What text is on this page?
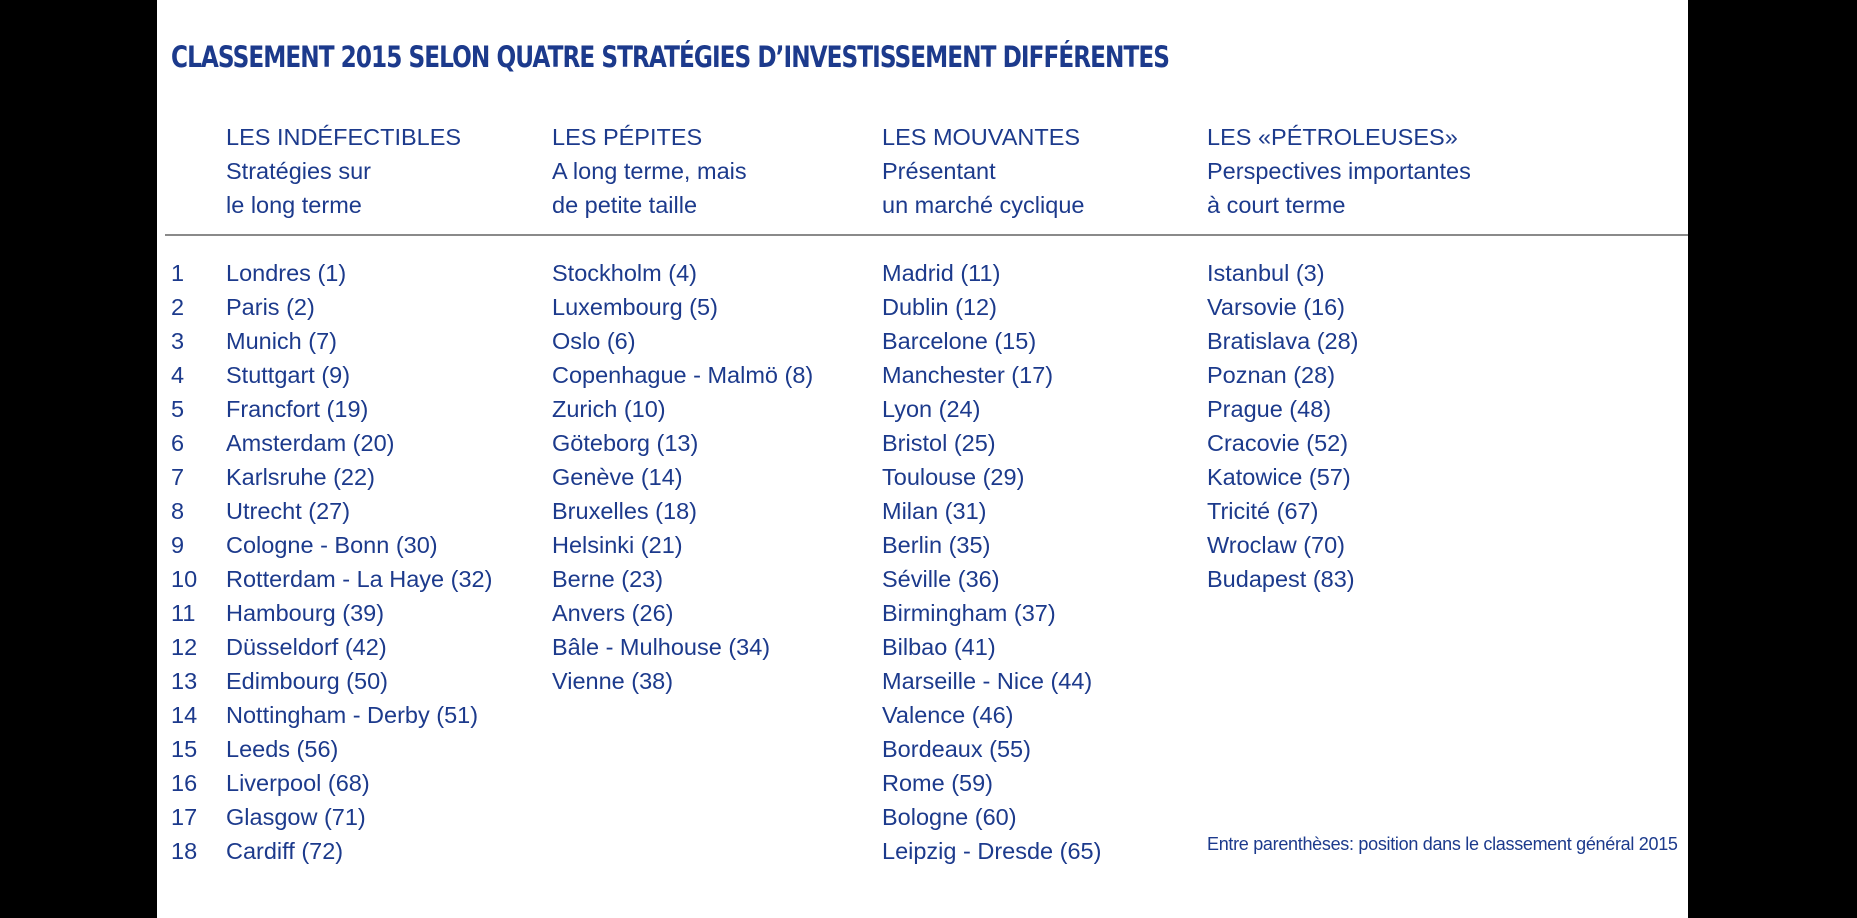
CLASSEMENT 2015 SELON QUATRE STRATÉGIES D’INVESTISSEMENT DIFFÉRENTES
LES INDÉFECTIBLES
Stratégies sur
le long terme
LES PÉPITES
A long terme, mais
de petite taille
LES MOUVANTES
Présentant
un marché cyclique
LES «PÉTROLEUSES»
Perspectives importantes
à court terme
1
2
3
4
5
6
7
8
9
10
11
12
13
14
15
16
17
18
Londres (1)
Paris (2)
Munich (7)
Stuttgart (9)
Francfort (19)
Amsterdam (20)
Karlsruhe (22)
Utrecht (27)
Cologne - Bonn (30)
Rotterdam - La Haye (32)
Hambourg (39)
Düsseldorf (42)
Edimbourg (50)
Nottingham - Derby (51)
Leeds (56)
Liverpool (68)
Glasgow (71)
Cardiff (72)
Stockholm (4)
Luxembourg (5)
Oslo (6)
Copenhague - Malmö (8)
Zurich (10)
Göteborg (13)
Genève (14)
Bruxelles (18)
Helsinki (21)
Berne (23)
Anvers (26)
Bâle - Mulhouse (34)
Vienne (38)
Madrid (11)
Dublin (12)
Barcelone (15)
Manchester (17)
Lyon (24)
Bristol (25)
Toulouse (29)
Milan (31)
Berlin (35)
Séville (36)
Birmingham (37)
Bilbao (41)
Marseille - Nice (44)
Valence (46)
Bordeaux (55)
Rome (59)
Bologne (60)
Leipzig - Dresde (65)
Istanbul (3)
Varsovie (16)
Bratislava (28)
Poznan (28)
Prague (48)
Cracovie (52)
Katowice (57)
Tricité (67)
Wroclaw (70)
Budapest (83)
Entre parenthèses: position dans le classement général 2015
